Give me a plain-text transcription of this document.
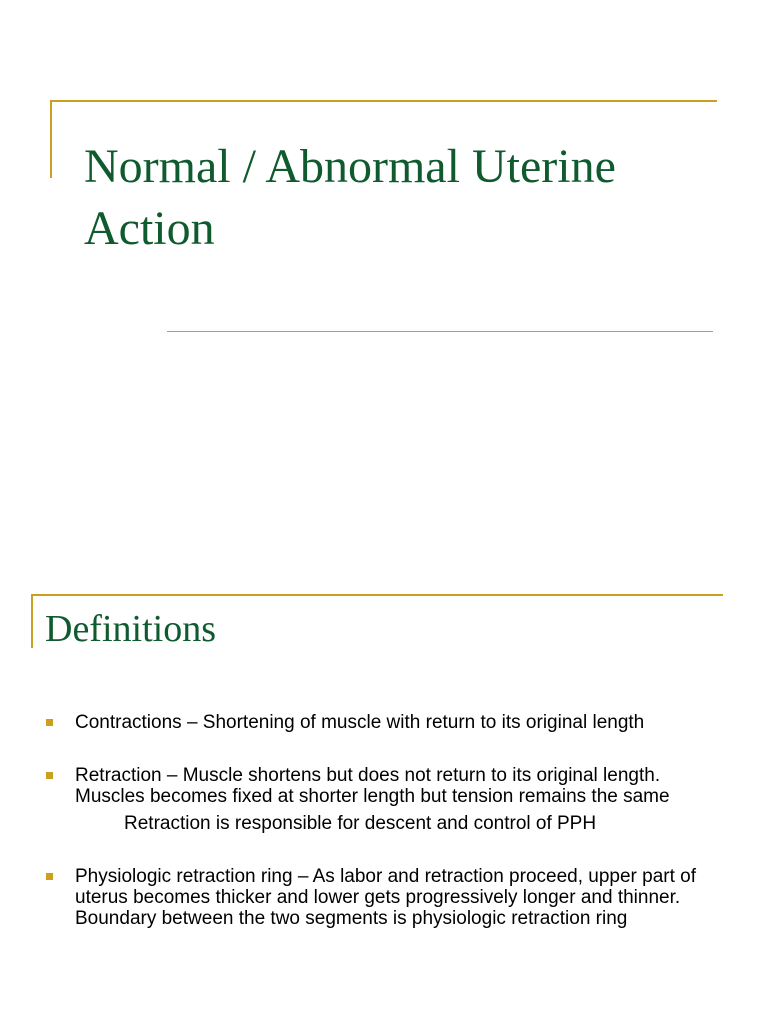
Normal / Abnormal Uterine
Action
Definitions
Contractions – Shortening of muscle with return to its original length
Retraction – Muscle shortens but does not return to its original length. Muscles becomes fixed at shorter length but tension remains the same
Retraction is responsible for descent and control of PPH
Physiologic retraction ring – As labor and retraction proceed, upper part of uterus becomes thicker and lower gets progressively longer and thinner. Boundary between the two segments is physiologic retraction ring
